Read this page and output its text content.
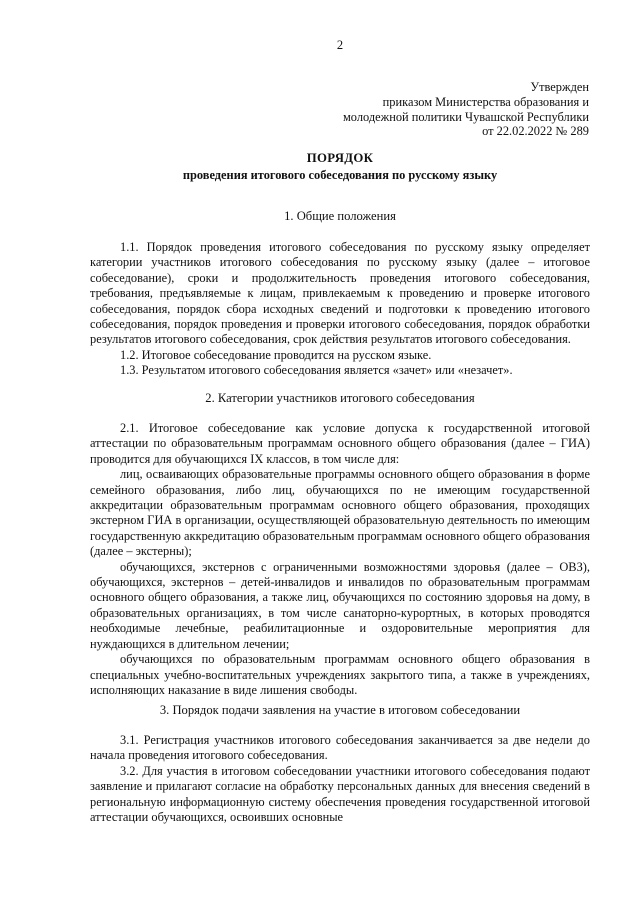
2
Утвержден
приказом Министерства образования и
молодежной политики Чувашской Республики
от 22.02.2022 № 289
ПОРЯДОК
проведения итогового собеседования по русскому языку
1. Общие положения

1.1. Порядок проведения итогового собеседования по русскому языку определяет категории участников итогового собеседования по русскому языку (далее – итоговое собеседование), сроки и продолжительность проведения итогового собеседования, требования, предъявляемые к лицам, привлекаемым к проведению и проверке итогового собеседования, порядок сбора исходных сведений и подготовки к проведению итогового собеседования, порядок проведения и проверки итогового собеседования, порядок обработки результатов итогового собеседования, срок действия результатов итогового собеседования.

1.2. Итоговое собеседование проводится на русском языке.

1.3. Результатом итогового собеседования является «зачет» или «незачет».

2. Категории участников итогового собеседования

2.1. Итоговое собеседование как условие допуска к государственной итоговой аттестации по образовательным программам основного общего образования (далее – ГИА) проводится для обучающихся IX классов, в том числе для:

лиц, осваивающих образовательные программы основного общего образования в форме семейного образования, либо лиц, обучающихся по не имеющим государственной аккредитации образовательным программам основного общего образования, проходящих экстерном ГИА в организации, осуществляющей образовательную деятельность по имеющим государственную аккредитацию образовательным программам основного общего образования (далее – экстерны);

обучающихся, экстернов с ограниченными возможностями здоровья (далее – ОВЗ), обучающихся, экстернов – детей-инвалидов и инвалидов по образовательным программам основного общего образования, а также лиц, обучающихся по состоянию здоровья на дому, в образовательных организациях, в том числе санаторно-курортных, в которых проводятся необходимые лечебные, реабилитационные и оздоровительные мероприятия для нуждающихся в длительном лечении;

обучающихся по образовательным программам основного общего образования в специальных учебно-воспитательных учреждениях закрытого типа, а также в учреждениях, исполняющих наказание в виде лишения свободы.

3. Порядок подачи заявления на участие в итоговом собеседовании

3.1. Регистрация участников итогового собеседования заканчивается за две недели до начала проведения итогового собеседования.

3.2. Для участия в итоговом собеседовании участники итогового собеседования подают заявление и прилагают согласие на обработку персональных данных для внесения сведений в региональную информационную систему обеспечения проведения государственной итоговой аттестации обучающихся, освоивших основные
